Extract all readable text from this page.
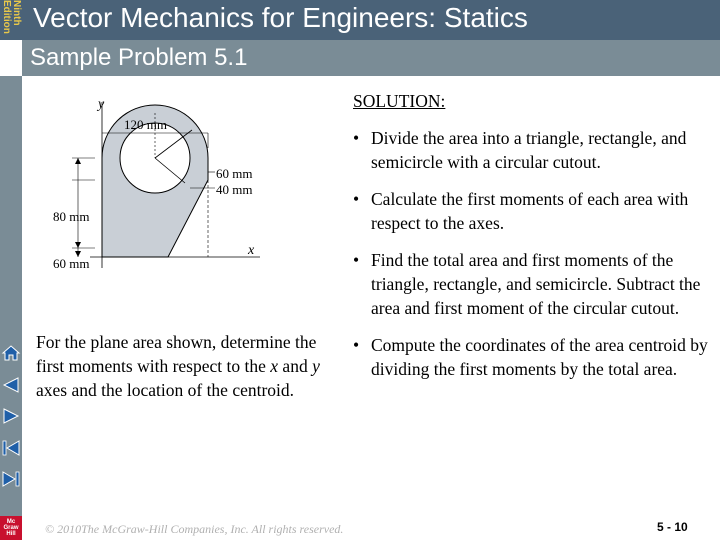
Ninth
Edition Vector Mechanics for Engineers: Statics
Sample Problem 5.1
Mc
Graw
Hill
y
x
120 mm
60 mm
40 mm
80 mm
60 mm
For the plane area shown, determine the first moments with respect to the x and y axes and the location of the centroid.
SOLUTION:
• Divide the area into a triangle, rectangle, and semicircle with a circular cutout.
• Calculate the first moments of each area with respect to the axes.
• Find the total area and first moments of the triangle, rectangle, and semicircle. Subtract the area and first moment of the circular cutout.
• Compute the coordinates of the area centroid by dividing the first moments by the total area.
© 2010The McGraw-Hill Companies, Inc. All rights reserved.	5 - 10
